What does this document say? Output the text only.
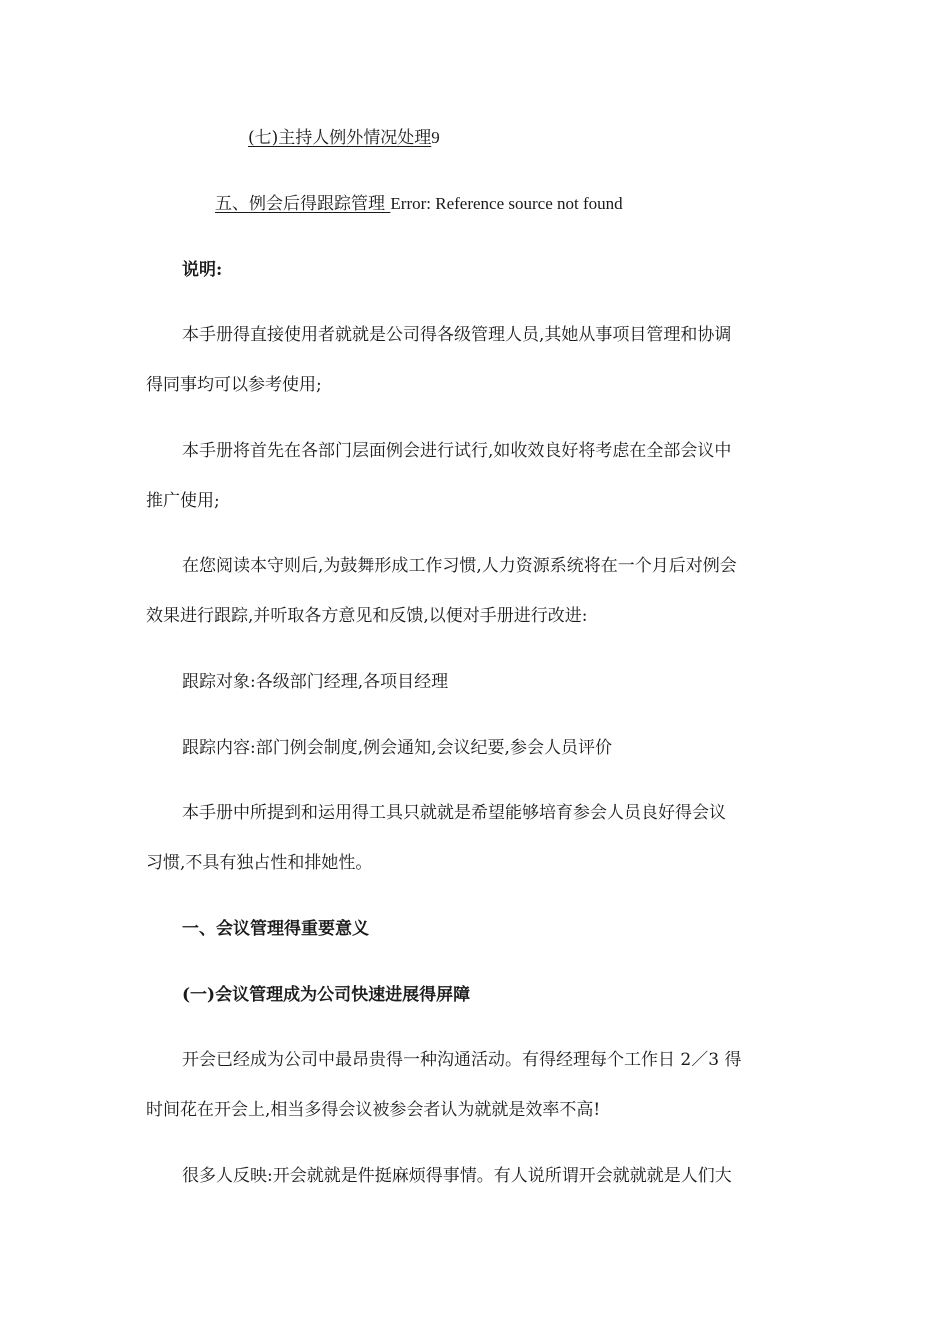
(七)主持人例外情况处理9
五、例会后得跟踪管理 Error: Reference source not found
说明:
本手册得直接使用者就就是公司得各级管理人员,其她从事项目管理和协调
得同事均可以参考使用;
本手册将首先在各部门层面例会进行试行,如收效良好将考虑在全部会议中
推广使用;
在您阅读本守则后,为鼓舞形成工作习惯,人力资源系统将在一个月后对例会
效果进行跟踪,并听取各方意见和反馈,以便对手册进行改进:
跟踪对象:各级部门经理,各项目经理
跟踪内容:部门例会制度,例会通知,会议纪要,参会人员评价
本手册中所提到和运用得工具只就就是希望能够培育参会人员良好得会议
习惯,不具有独占性和排她性。
一、会议管理得重要意义
(一)会议管理成为公司快速进展得屏障
开会已经成为公司中最昂贵得一种沟通活动。有得经理每个工作日 2／3 得
时间花在开会上,相当多得会议被参会者认为就就是效率不高!
很多人反映:开会就就是件挺麻烦得事情。有人说所谓开会就就就是人们大
